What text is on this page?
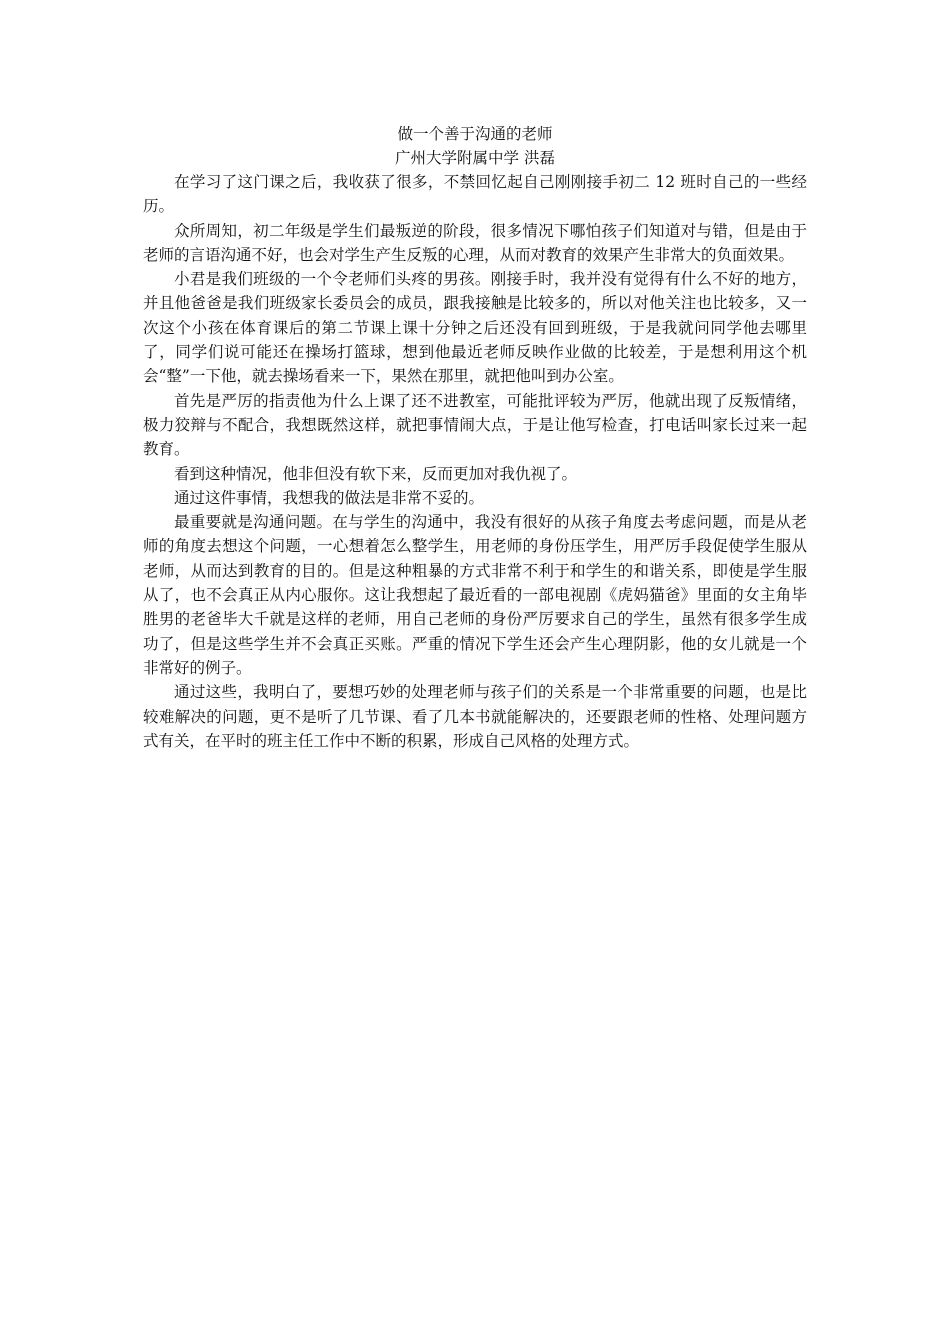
做一个善于沟通的老师
广州大学附属中学 洪磊

在学习了这门课之后，我收获了很多，不禁回忆起自己刚刚接手初二 12 班时自己的一些经历。

众所周知，初二年级是学生们最叛逆的阶段，很多情况下哪怕孩子们知道对与错，但是由于老师的言语沟通不好，也会对学生产生反叛的心理，从而对教育的效果产生非常大的负面效果。

小君是我们班级的一个令老师们头疼的男孩。刚接手时，我并没有觉得有什么不好的地方，并且他爸爸是我们班级家长委员会的成员，跟我接触是比较多的，所以对他关注也比较多，又一次这个小孩在体育课后的第二节课上课十分钟之后还没有回到班级，于是我就问同学他去哪里了，同学们说可能还在操场打篮球，想到他最近老师反映作业做的比较差，于是想利用这个机会“整”一下他，就去操场看来一下，果然在那里，就把他叫到办公室。

首先是严厉的指责他为什么上课了还不进教室，可能批评较为严厉，他就出现了反叛情绪，极力狡辩与不配合，我想既然这样，就把事情闹大点，于是让他写检查，打电话叫家长过来一起教育。

看到这种情况，他非但没有软下来，反而更加对我仇视了。

通过这件事情，我想我的做法是非常不妥的。

最重要就是沟通问题。在与学生的沟通中，我没有很好的从孩子角度去考虑问题，而是从老师的角度去想这个问题，一心想着怎么整学生，用老师的身份压学生，用严厉手段促使学生服从老师，从而达到教育的目的。但是这种粗暴的方式非常不利于和学生的和谐关系，即使是学生服从了，也不会真正从内心服你。这让我想起了最近看的一部电视剧《虎妈猫爸》里面的女主角毕胜男的老爸毕大千就是这样的老师，用自己老师的身份严厉要求自己的学生，虽然有很多学生成功了，但是这些学生并不会真正买账。严重的情况下学生还会产生心理阴影，他的女儿就是一个非常好的例子。

通过这些，我明白了，要想巧妙的处理老师与孩子们的关系是一个非常重要的问题，也是比较难解决的问题，更不是听了几节课、看了几本书就能解决的，还要跟老师的性格、处理问题方式有关，在平时的班主任工作中不断的积累，形成自己风格的处理方式。
